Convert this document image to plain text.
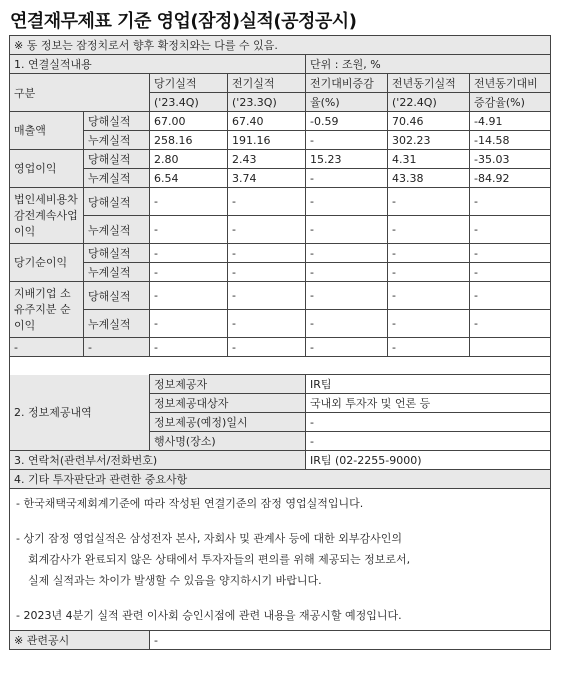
연결재무제표 기준 영업(잠정)실적(공정공시)
※ 동 정보는 잠정치로서 향후 확정치와는 다를 수 있음.						
1. 연결실적내용				단위 : 조원, %		
구분		당기실적	전기실적	전기대비증감	전년동기실적	전년동기대비
		('23.4Q)	('23.3Q)	율(%)	('22.4Q)	증감율(%)
매출액	당해실적	67.00	67.40	-0.59	70.46	-4.91
	누계실적	258.16	191.16	-	302.23	-14.58
영업이익	당해실적	2.80	2.43	15.23	4.31	-35.03
	누계실적	6.54	3.74	-	43.38	-84.92
법인세비용차감전계속사업이익	당해실적	-	-	-	-	-
	누계실적	-	-	-	-	-
당기순이익	당해실적	-	-	-	-	-
	누계실적	-	-	-	-	-
지배기업 소유주지분 순이익	당해실적	-	-	-	-	-
	누계실적	-	-	-	-	-
-	-	-	-	-	-	

2. 정보제공내역		정보제공자		IR팀		
		정보제공대상자		국내외 투자자 및 언론 등		
		정보제공(예정)일시		-		
		행사명(장소)		-		
3. 연락처(관련부서/전화번호)				IR팀 (02-2255-9000)		
4. 기타 투자판단과 관련한 중요사항						

- 한국채택국제회계기준에 따라 작성된 연결기준의 잠정 영업실적입니다.
- 상기 잠정 영업실적은 삼성전자 본사, 자회사 및 관계사 등에 대한 외부감사인의
회계감사가 완료되지 않은 상태에서 투자자들의 편의를 위해 제공되는 정보로서,
실제 실적과는 차이가 발생할 수 있음을 양지하시기 바랍니다.
- 2023년 4분기 실적 관련 이사회 승인시점에 관련 내용을 재공시할 예정입니다.						

※ 관련공시		-				
